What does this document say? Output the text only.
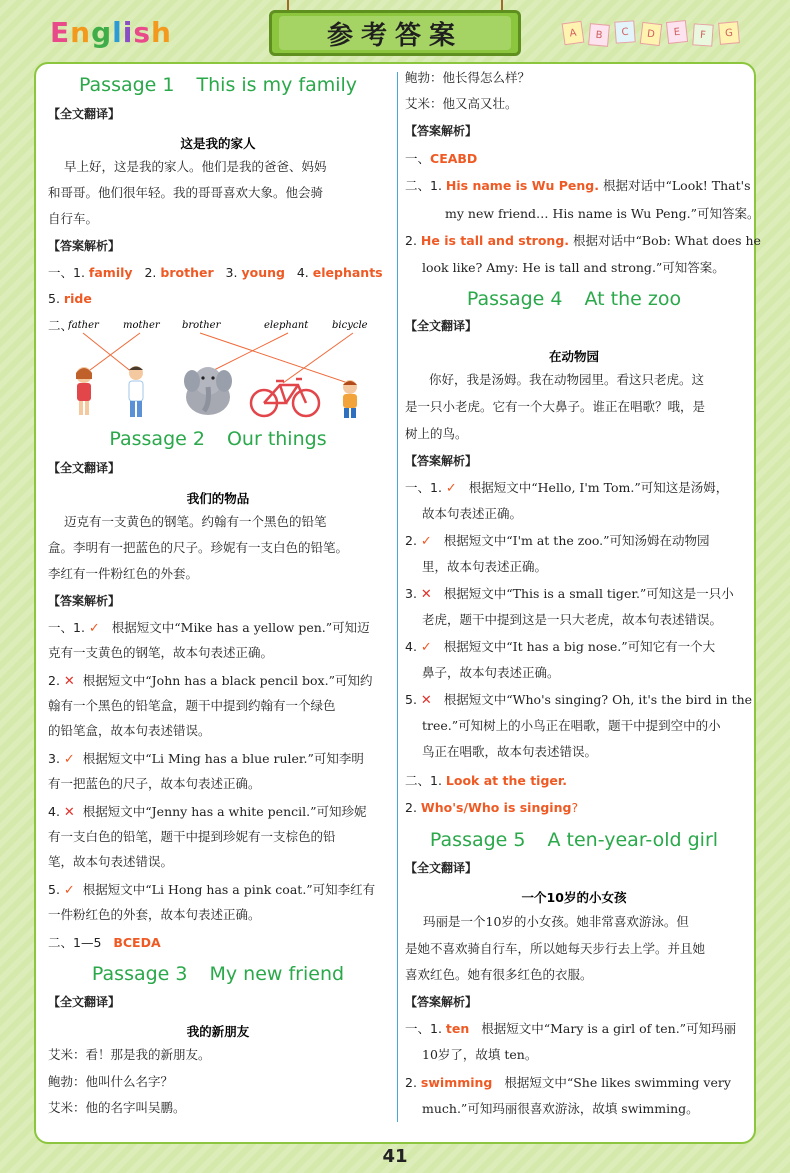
English	参考答案	A	B	C	D	E	F	G
Passage 1 This is my family
【全文翻译】
这是我的家人
早上好，这是我的家人。他们是我的爸爸、妈妈
和哥哥。他们很年轻。我的哥哥喜欢大象。他会骑
自行车。
【答案解析】
一、1. family 2. brother 3. young 4. elephants
5. ride
二、
father mother brother	elephant bicycle
Passage 2 Our things
【全文翻译】
我们的物品
迈克有一支黄色的钢笔。约翰有一个黑色的铅笔
盒。李明有一把蓝色的尺子。珍妮有一支白色的铅笔。
李红有一件粉红色的外套。
【答案解析】
一、1. ✓ 根据短文中“Mike has a yellow pen.”可知迈
克有一支黄色的钢笔，故本句表述正确。
2. ✕ 根据短文中“John has a black pencil box.”可知约
翰有一个黑色的铅笔盒，题干中提到约翰有一个绿色
的铅笔盒，故本句表述错误。
3. ✓ 根据短文中“Li Ming has a blue ruler.”可知李明
有一把蓝色的尺子，故本句表述正确。
4. ✕ 根据短文中“Jenny has a white pencil.”可知珍妮
有一支白色的铅笔，题干中提到珍妮有一支棕色的铅
笔，故本句表述错误。
5. ✓ 根据短文中“Li Hong has a pink coat.”可知李红有
一件粉红色的外套，故本句表述正确。
二、1—5 BCEDA
Passage 3 My new friend
【全文翻译】
我的新朋友
艾米：看！那是我的新朋友。
鲍勃：他叫什么名字？
艾米：他的名字叫吴鹏。
鲍勃：他长得怎么样？
艾米：他又高又壮。
【答案解析】
一、CEABD
二、1. His name is Wu Peng. 根据对话中“Look! That's
my new friend… His name is Wu Peng.”可知答案。
2. He is tall and strong. 根据对话中“Bob: What does he
look like? Amy: He is tall and strong.”可知答案。
Passage 4 At the zoo
【全文翻译】
在动物园
你好，我是汤姆。我在动物园里。看这只老虎。这
是一只小老虎。它有一个大鼻子。谁正在唱歌？哦，是
树上的鸟。
【答案解析】
一、1. ✓ 根据短文中“Hello, I'm Tom.”可知这是汤姆，
故本句表述正确。
2. ✓ 根据短文中“I'm at the zoo.”可知汤姆在动物园
里，故本句表述正确。
3. ✕ 根据短文中“This is a small tiger.”可知这是一只小
老虎，题干中提到这是一只大老虎，故本句表述错误。
4. ✓ 根据短文中“It has a big nose.”可知它有一个大
鼻子，故本句表述正确。
5. ✕ 根据短文中“Who's singing? Oh, it's the bird in the
tree.”可知树上的小鸟正在唱歌，题干中提到空中的小
鸟正在唱歌，故本句表述错误。
二、1. Look at the tiger.
2. Who's/Who is singing?
Passage 5 A ten-year-old girl
【全文翻译】
一个10岁的小女孩
玛丽是一个10岁的小女孩。她非常喜欢游泳。但
是她不喜欢骑自行车，所以她每天步行去上学。并且她
喜欢红色。她有很多红色的衣服。
【答案解析】
一、1. ten 根据短文中“Mary is a girl of ten.”可知玛丽
10岁了，故填 ten。
2. swimming 根据短文中“She likes swimming very
much.”可知玛丽很喜欢游泳，故填 swimming。
41
